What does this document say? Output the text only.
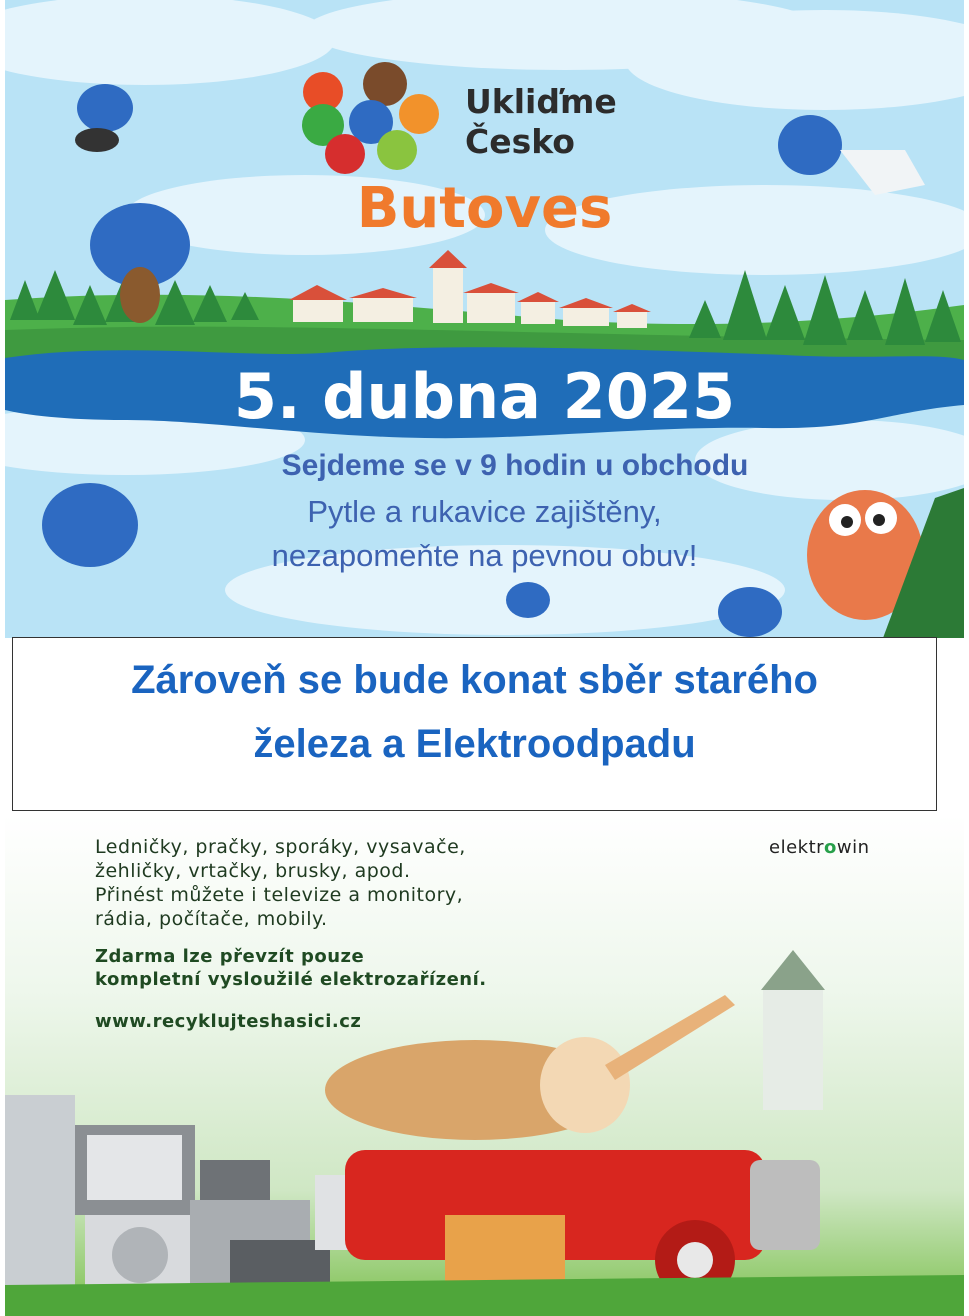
Ukliďme
Česko
Butoves
5. dubna 2025
Sejdeme se v 9 hodin u obchodu
Pytle a rukavice zajištěny,
nezapomeňte na pevnou obuv!
Zároveň se bude konat sběr starého
železa a Elektroodpadu
Ledničky, pračky, sporáky, vysavače,
žehličky, vrtačky, brusky, apod.
Přinést můžete i televize a monitory,
rádia, počítače, mobily.
Zdarma lze převzít pouze
kompletní vysloužilé elektrozařízení.
www.recyklujteshasici.cz
elektrowin
